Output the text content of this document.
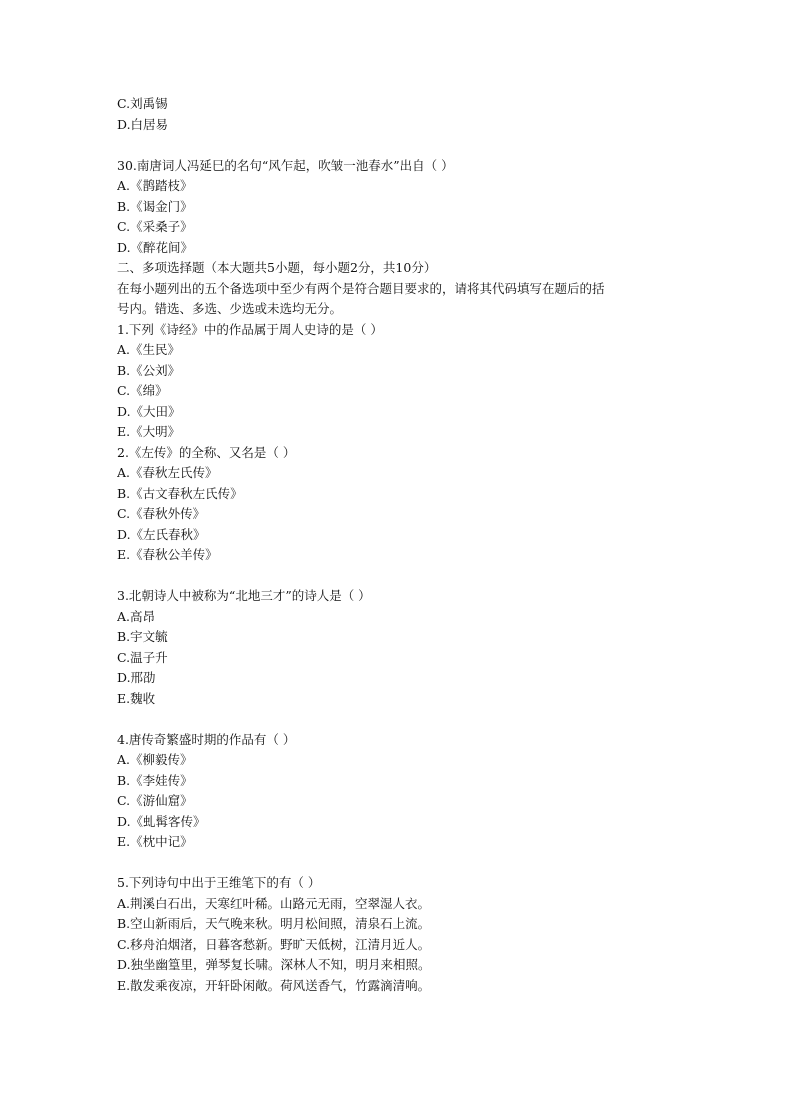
C.刘禹锡
D.白居易
30.南唐词人冯延巳的名句“风乍起，吹皱一池春水”出自（ ）
A.《鹊踏枝》
B.《谒金门》
C.《采桑子》
D.《醉花间》
二、多项选择题（本大题共5小题，每小题2分，共10分）
在每小题列出的五个备选项中至少有两个是符合题目要求的，请将其代码填写在题后的括
号内。错选、多选、少选或未选均无分。
1.下列《诗经》中的作品属于周人史诗的是（ ）
A.《生民》
B.《公刘》
C.《绵》
D.《大田》
E.《大明》
2.《左传》的全称、又名是（ ）
A.《春秋左氏传》
B.《古文春秋左氏传》
C.《春秋外传》
D.《左氏春秋》
E.《春秋公羊传》
3.北朝诗人中被称为“北地三才”的诗人是（ ）
A.高昂
B.宇文毓
C.温子升
D.邢劭
E.魏收
4.唐传奇繁盛时期的作品有（ ）
A.《柳毅传》
B.《李娃传》
C.《游仙窟》
D.《虬髯客传》
E.《枕中记》
5.下列诗句中出于王维笔下的有（ ）
A.荆溪白石出，天寒红叶稀。山路元无雨，空翠湿人衣。
B.空山新雨后，天气晚来秋。明月松间照，清泉石上流。
C.移舟泊烟渚，日暮客愁新。野旷天低树，江清月近人。
D.独坐幽篁里，弹琴复长啸。深林人不知，明月来相照。
E.散发乘夜凉，开轩卧闲敞。荷风送香气，竹露滴清响。
